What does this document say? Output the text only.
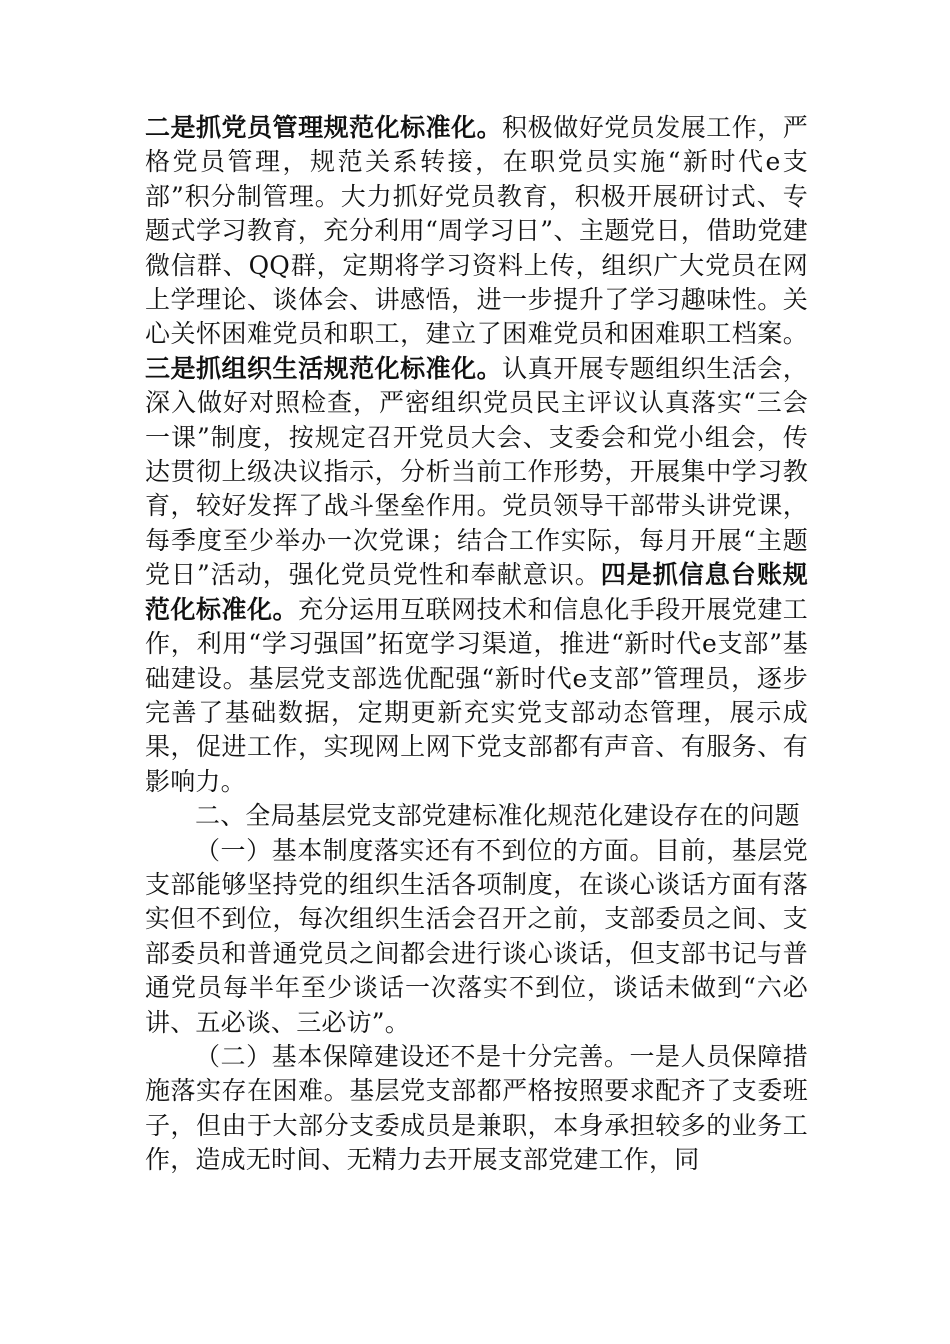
二是抓党员管理规范化标准化。积极做好党员发展工作，严格党员管理，规范关系转接，在职党员实施“新时代e支部”积分制管理。大力抓好党员教育，积极开展研讨式、专题式学习教育，充分利用“周学习日”、主题党日，借助党建微信群、QQ群，定期将学习资料上传，组织广大党员在网上学理论、谈体会、讲感悟，进一步提升了学习趣味性。关心关怀困难党员和职工，建立了困难党员和困难职工档案。三是抓组织生活规范化标准化。认真开展专题组织生活会，深入做好对照检查，严密组织党员民主评议认真落实“三会一课”制度，按规定召开党员大会、支委会和党小组会，传达贯彻上级决议指示，分析当前工作形势，开展集中学习教育，较好发挥了战斗堡垒作用。党员领导干部带头讲党课，每季度至少举办一次党课；结合工作实际，每月开展“主题党日”活动，强化党员党性和奉献意识。四是抓信息台账规范化标准化。充分运用互联网技术和信息化手段开展党建工作，利用“学习强国”拓宽学习渠道，推进“新时代e支部”基础建设。基层党支部选优配强“新时代e支部”管理员，逐步完善了基础数据，定期更新充实党支部动态管理，展示成果，促进工作，实现网上网下党支部都有声音、有服务、有影响力。

二、全局基层党支部党建标准化规范化建设存在的问题

（一）基本制度落实还有不到位的方面。目前，基层党支部能够坚持党的组织生活各项制度，在谈心谈话方面有落实但不到位，每次组织生活会召开之前，支部委员之间、支部委员和普通党员之间都会进行谈心谈话，但支部书记与普通党员每半年至少谈话一次落实不到位，谈话未做到“六必讲、五必谈、三必访”。

（二）基本保障建设还不是十分完善。一是人员保障措施落实存在困难。基层党支部都严格按照要求配齐了支委班子，但由于大部分支委成员是兼职，本身承担较多的业务工作，造成无时间、无精力去开展支部党建工作，同
